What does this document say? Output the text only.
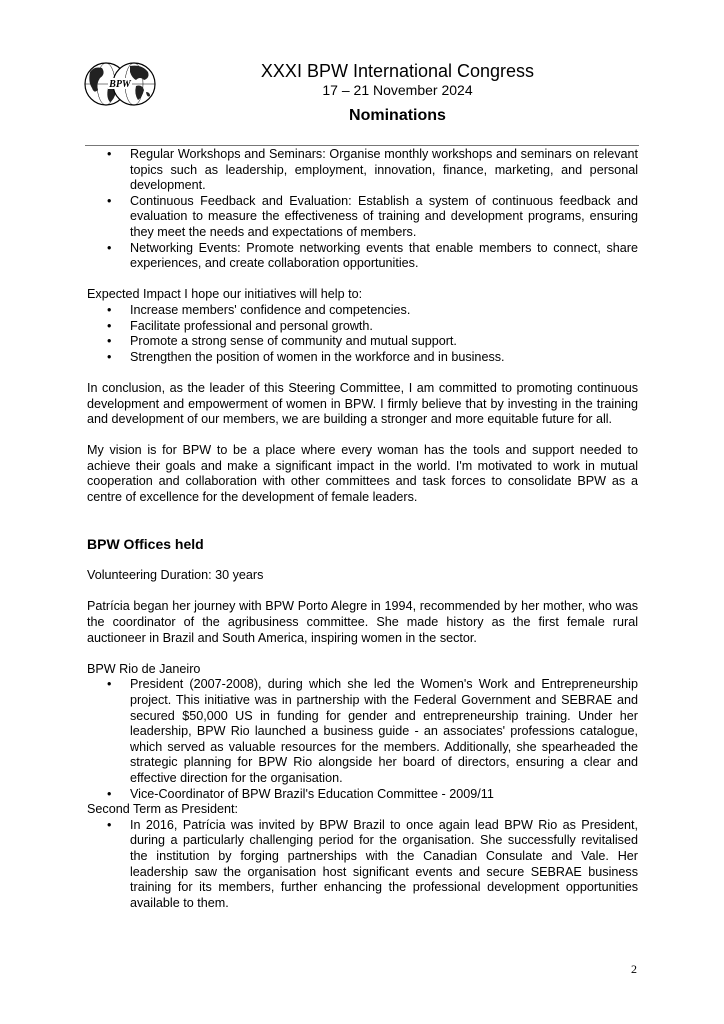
BPW
XXXI BPW International Congress
17 – 21 November 2024
Nominations
• Regular Workshops and Seminars: Organise monthly workshops and seminars on relevant topics such as leadership, employment, innovation, finance, marketing, and personal development.
• Continuous Feedback and Evaluation: Establish a system of continuous feedback and evaluation to measure the effectiveness of training and development programs, ensuring they meet the needs and expectations of members.
• Networking Events: Promote networking events that enable members to connect, share experiences, and create collaboration opportunities.

Expected Impact I hope our initiatives will help to:

• Increase members' confidence and competencies.
• Facilitate professional and personal growth.
• Promote a strong sense of community and mutual support.
• Strengthen the position of women in the workforce and in business.

In conclusion, as the leader of this Steering Committee, I am committed to promoting continuous development and empowerment of women in BPW. I firmly believe that by investing in the training and development of our members, we are building a stronger and more equitable future for all.

My vision is for BPW to be a place where every woman has the tools and support needed to achieve their goals and make a significant impact in the world. I'm motivated to work in mutual cooperation and collaboration with other committees and task forces to consolidate BPW as a centre of excellence for the development of female leaders.

BPW Offices held

Volunteering Duration: 30 years

Patrícia began her journey with BPW Porto Alegre in 1994, recommended by her mother, who was the coordinator of the agribusiness committee. She made history as the first female rural auctioneer in Brazil and South America, inspiring women in the sector.

BPW Rio de Janeiro

• President (2007-2008), during which she led the Women's Work and Entrepreneurship project. This initiative was in partnership with the Federal Government and SEBRAE and secured $50,000 US in funding for gender and entrepreneurship training. Under her leadership, BPW Rio launched a business guide - an associates' professions catalogue, which served as valuable resources for the members. Additionally, she spearheaded the strategic planning for BPW Rio alongside her board of directors, ensuring a clear and effective direction for the organisation.
• Vice-Coordinator of BPW Brazil's Education Committee - 2009/11

Second Term as President:

• In 2016, Patrícia was invited by BPW Brazil to once again lead BPW Rio as President, during a particularly challenging period for the organisation. She successfully revitalised the institution by forging partnerships with the Canadian Consulate and Vale. Her leadership saw the organisation host significant events and secure SEBRAE business training for its members, further enhancing the professional development opportunities available to them.
2
